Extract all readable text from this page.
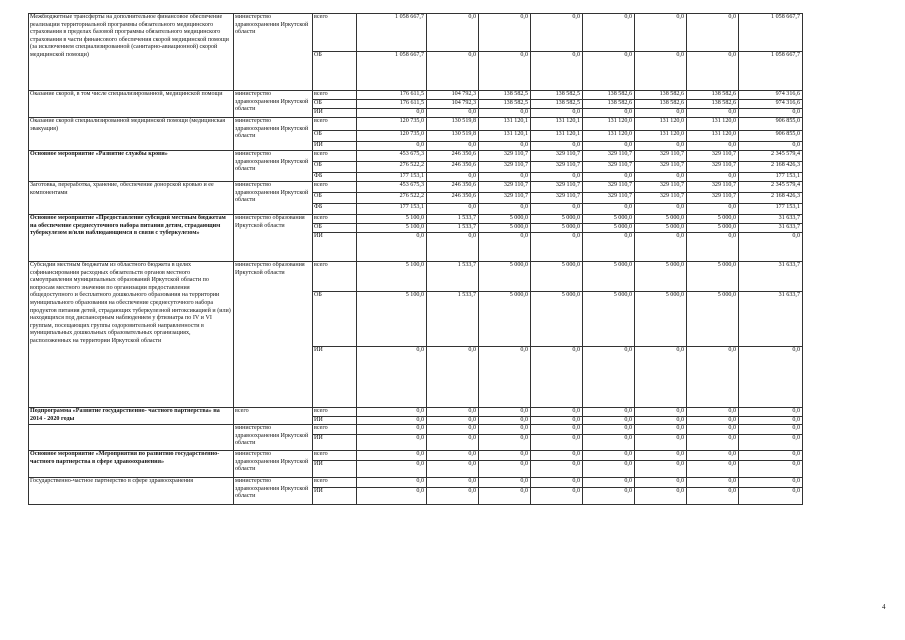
Межбюджетные трансферты на дополнительное финансовое обеспечение реализации территориальной программы обязательного медицинского страхования в пределах базовой программы обязательного медицинского страхования в части финансового обеспечения скорой медицинской помощи (за исключением специализированной (санитарно-авиационной) скорой медицинской помощи)	министерство здравоохранения Иркутской области	всего	1 058 667,7	0,0	0,0	0,0	0,0	0,0	0,0	1 058 667,7
		ОБ	1 058 667,7	0,0	0,0	0,0	0,0	0,0	0,0	1 058 667,7
Оказание скорой, в том числе специализированной, медицинской помощи	министерство здравоохранения Иркутской области	всего	176 611,5	104 792,3	138 582,5	138 582,5	138 582,6	138 582,6	138 582,6	974 316,6
		ОБ	176 611,5	104 792,3	138 582,5	138 582,5	138 582,6	138 582,6	138 582,6	974 316,6
		ИИ	0,0	0,0	0,0	0,0	0,0	0,0	0,0	0,0
Оказание скорой специализированной медицинской помощи (медицинская эвакуация)	министерство здравоохранения Иркутской области	всего	120 735,0	130 519,8	131 120,1	131 120,1	131 120,0	131 120,0	131 120,0	906 855,0
		ОБ	120 735,0	130 519,8	131 120,1	131 120,1	131 120,0	131 120,0	131 120,0	906 855,0
		ИИ	0,0	0,0	0,0	0,0	0,0	0,0	0,0	0,0
Основное мероприятие «Развитие службы крови»	министерство здравоохранения Иркутской области	всего	453 675,3	246 350,6	329 110,7	329 110,7	329 110,7	329 110,7	329 110,7	2 345 579,4
		ОБ	276 522,2	246 350,6	329 110,7	329 110,7	329 110,7	329 110,7	329 110,7	2 168 426,3
		ФБ	177 153,1	0,0	0,0	0,0	0,0	0,0	0,0	177 153,1
Заготовка, переработка, хранение, обеспечение донорской кровью и ее компонентами	министерство здравоохранения Иркутской области	всего	453 675,3	246 350,6	329 110,7	329 110,7	329 110,7	329 110,7	329 110,7	2 345 579,4
		ОБ	276 522,2	246 350,6	329 110,7	329 110,7	329 110,7	329 110,7	329 110,7	2 168 426,3
		ФБ	177 153,1	0,0	0,0	0,0	0,0	0,0	0,0	177 153,1
Основное мероприятие «Предоставление субсидий местным бюджетам на обеспечение среднесуточного набора питания детям, страдающим туберкулезом и/или наблюдающимся в связи с туберкулезом»	министерство образования Иркутской области	всего	5 100,0	1 533,7	5 000,0	5 000,0	5 000,0	5 000,0	5 000,0	31 633,7
		ОБ	5 100,0	1 533,7	5 000,0	5 000,0	5 000,0	5 000,0	5 000,0	31 633,7
		ИИ	0,0	0,0	0,0	0,0	0,0	0,0	0,0	0,0
Субсидии местным бюджетам из областного бюджета в целях софинансирования расходных обязательств органов местного самоуправления муниципальных образований Иркутской области по вопросам местного значения по организации предоставления общедоступного и бесплатного дошкольного образования на территории муниципального образования на обеспечение среднесуточного набора продуктов питания детей, страдающих туберкулезной интоксикацией и (или) находящихся под диспансерным наблюдением у фтизиатра по IV и VI группам, посещающих группы оздоровительной направленности в муниципальных дошкольных образовательных организациях, расположенных на территории Иркутской области	министерство образования Иркутской области	всего	5 100,0	1 533,7	5 000,0	5 000,0	5 000,0	5 000,0	5 000,0	31 633,7
		ОБ	5 100,0	1 533,7	5 000,0	5 000,0	5 000,0	5 000,0	5 000,0	31 633,7
		ИИ	0,0	0,0	0,0	0,0	0,0	0,0	0,0	0,0
Подпрограмма «Развитие государственно- частного партнерства» на 2014 - 2020 годы	всего	всего	0,0	0,0	0,0	0,0	0,0	0,0	0,0	0,0
		ИИ	0,0	0,0	0,0	0,0	0,0	0,0	0,0	0,0
	министерство здравоохранения Иркутской области	всего	0,0	0,0	0,0	0,0	0,0	0,0	0,0	0,0
		ИИ	0,0	0,0	0,0	0,0	0,0	0,0	0,0	0,0
Основное мероприятие «Мероприятия по развитию государственно-частного партнерства в сфере здравоохранения»	министерство здравоохранения Иркутской области	всего	0,0	0,0	0,0	0,0	0,0	0,0	0,0	0,0
		ИИ	0,0	0,0	0,0	0,0	0,0	0,0	0,0	0,0
Государственно-частное партнерство в сфере здравоохранения	министерство здравоохранения Иркутской области	всего	0,0	0,0	0,0	0,0	0,0	0,0	0,0	0,0
		ИИ	0,0	0,0	0,0	0,0	0,0	0,0	0,0	0,0
4
